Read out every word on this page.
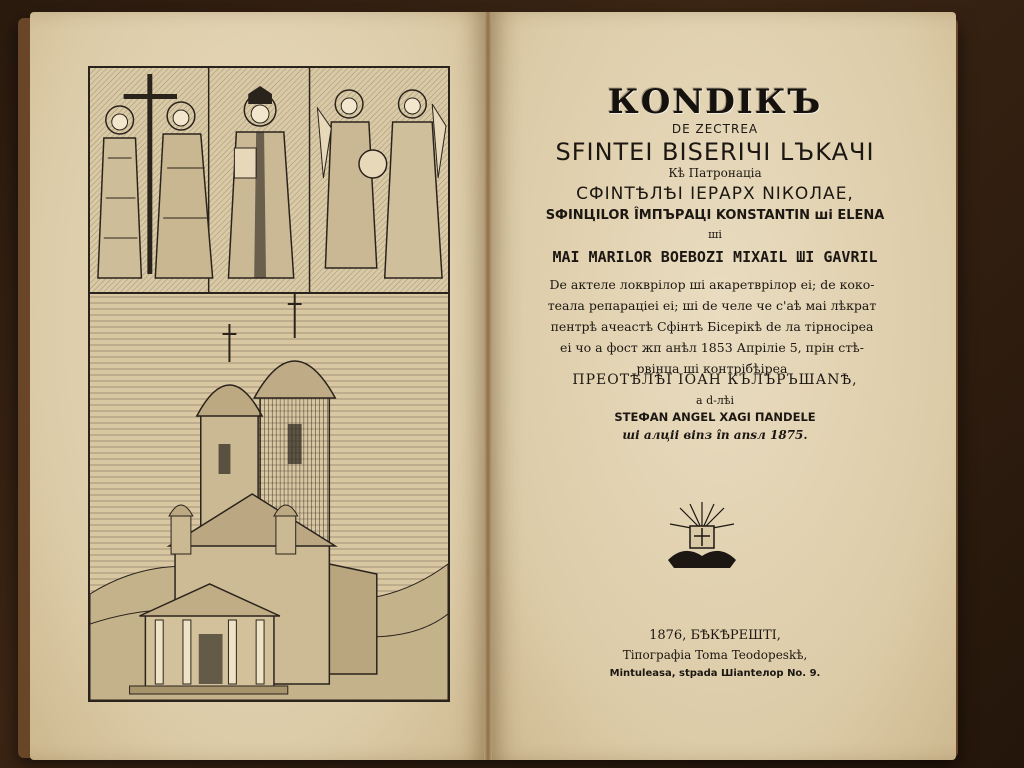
КОNDIКЪ
DE ZECTREA
SFINTEI BISERIЧI LЪKAЧI
Кѣ Патронаціа
СФІNТѢЛѢІ ІЕРАРХ NIКОЛАЕ,
SФINЦILOR ÎMПЪРАЦІ KONSTANTIN ші ELENA
ші
MAI MARILOR BOEBOZI MIXAIL ШI GAVRIL
De актеле локврілор ші акаретврілор еі; de коко-
теала репараціеі еі; ші de челе че с'аѣ маі лѣкрат
пентрѣ ачеастѣ Сфінтѣ Бісерікѣ de ла тірносіреа
еі чо а фост жп анѣл 1853 Апріліе 5, прін стѣ-
рвінца ші контрібѣіреа
ПРЕОТѢЛѢІ ІОАН КЪЛЪРЪШАNѢ,
а d-лѣі
STEФAN ANGEL XAGI ПANDELE
ші алціі віnз în anѕл 1875.
1876, БѢКѢРЕШТІ,
Тіпографіа Toma Teodopeskѣ,
Mintuleasa, stpada Шianteлop No. 9.
